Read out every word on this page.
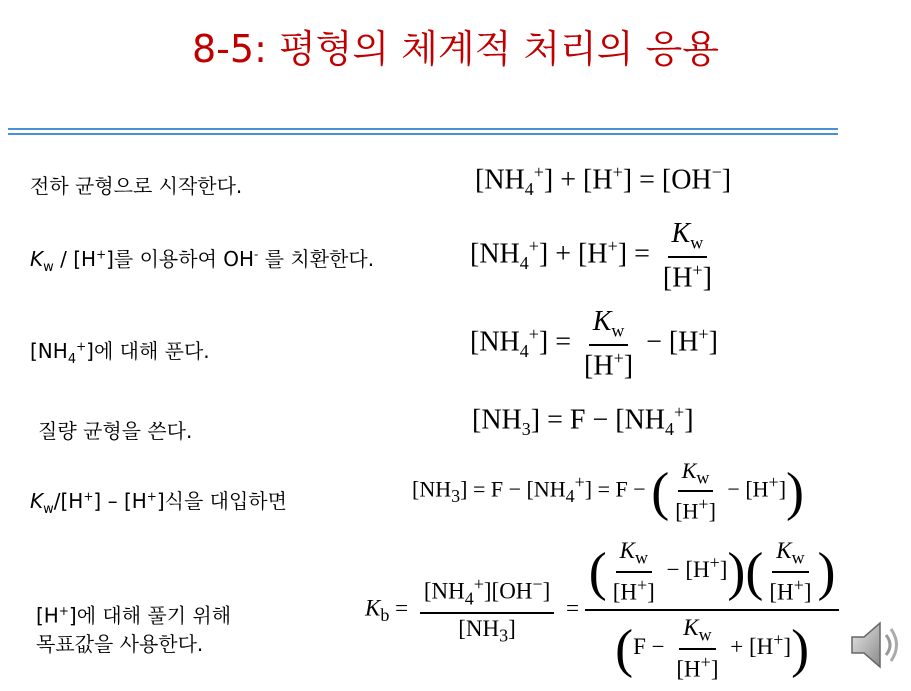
8-5: 평형의 체계적 처리의 응용
전하 균형으로 시작한다.	$[NH_4^+] + [H^+] = [OH^-]$
$K_w / [H^+]$를 이용하여 OH- 를 치환한다.	$[NH_4^+] + [H^+] = \frac{K_w}{[H^+]}$
$[NH_4^+]$에 대해 푼다.	$[NH_4^+] = \frac{K_w}{[H^+]} - [H^+]$
질량 균형을 쓴다.	$[NH_3] = F - [NH_4^+]$
$K_w/[H^+] - [H^+]$식을 대입하면	$[NH_3] = F - [NH_4^+] = F$ − ( $\frac{K_w}{[H^+]} - [H^+]$)
[H+]에 대해 풀기 위해
목표값을 사용한다.
$K_b = \frac{[NH_4^+][OH^-]}{[NH_3]} = \frac{( \frac{K_w}{[H^+]} - [H^+])( \frac{K_w}{[H^+]} )}{(F - \frac{K_w}{[H^+]} + [H^+])}$
